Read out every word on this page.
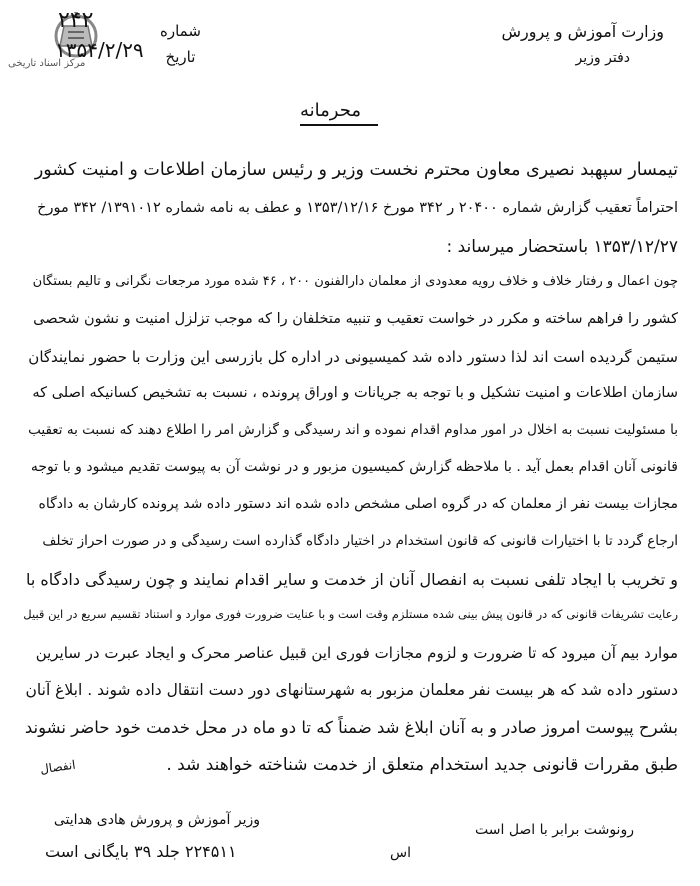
مرکز اسناد تاریخی
۲۴۲
۱۳۵۴/۲/۲۹
شماره
تاریخ
وزارت آموزش و پرورش
دفتر وزیر
محرمانه
تیمسار سپهبد نصیری معاون محترم نخست وزیر و رئیس سازمان اطلاعات و امنیت کشور
احتراماً تعقیب گزارش شماره ۲۰۴۰۰ ر ۳۴۲ مورخ ۱۳۵۳/۱۲/۱۶ و عطف به نامه شماره ۱۳۹۱۰۱۲/ ۳۴۲ مورخ
۱۳۵۳/۱۲/۲۷ باستحضار میرساند :
چون اعمال و رفتار خلاف و خلاف رویه معدودی از معلمان دارالفنون ۲۰۰ ، ۴۶ شده مورد مرجعات نگرانی و تالیم بستگان
کشور را فراهم ساخته و مکرر در خواست تعقیب و تنبیه متخلفان را که موجب تزلزل امنیت و نشون شحصی
ستیمن گردیده است اند لذا دستور داده شد کمیسیونی در اداره کل بازرسی این وزارت با حضور نمایندگان
سازمان اطلاعات و امنیت تشکیل و با توجه به جریانات و اوراق پرونده ، نسبت به تشخیص کسانیکه اصلی که
با مسئولیت نسبت به اخلال در امور مداوم اقدام نموده و اند رسیدگی و گزارش امر را اطلاع دهند که نسبت به تعقیب
قانونی آنان اقدام بعمل آید . با ملاحظه گزارش کمیسیون مزبور و در نوشت آن به پیوست تقدیم میشود و با توجه
مجازات بیست نفر از معلمان که در گروه اصلی مشخص داده شده اند دستور داده شد پرونده کارشان به دادگاه
ارجاع گردد تا با اختیارات قانونی که قانون استخدام در اختیار دادگاه گذارده است رسیدگی و در صورت احراز تخلف
و تخریب با ایجاد تلفی نسبت به انفصال آنان از خدمت و سایر اقدام نمایند و چون رسیدگی دادگاه با
رعایت تشریفات قانونی که در قانون پیش بینی شده مستلزم وقت است و با عنایت ضرورت فوری موارد و استناد تقسیم سریع در این قبیل
موارد بیم آن میرود که تا ضرورت و لزوم مجازات فوری این قبیل عناصر محرک و ایجاد عبرت در سایرین
دستور داده شد که هر بیست نفر معلمان مزبور به شهرستانهای دور دست انتقال داده شوند . ابلاغ آنان
بشرح پیوست امروز صادر و به آنان ابلاغ شد ضمناً که تا دو ماه در محل خدمت خود حاضر نشوند
طبق مقررات قانونی جدید استخدام متعلق از خدمت شناخته خواهند شد .
انفصال
وزیر آموزش و پرورش هادی هدایتی
۲۲۴۵۱۱ جلد ۳۹ بایگانی است
رونوشت برابر با اصل است
اس
